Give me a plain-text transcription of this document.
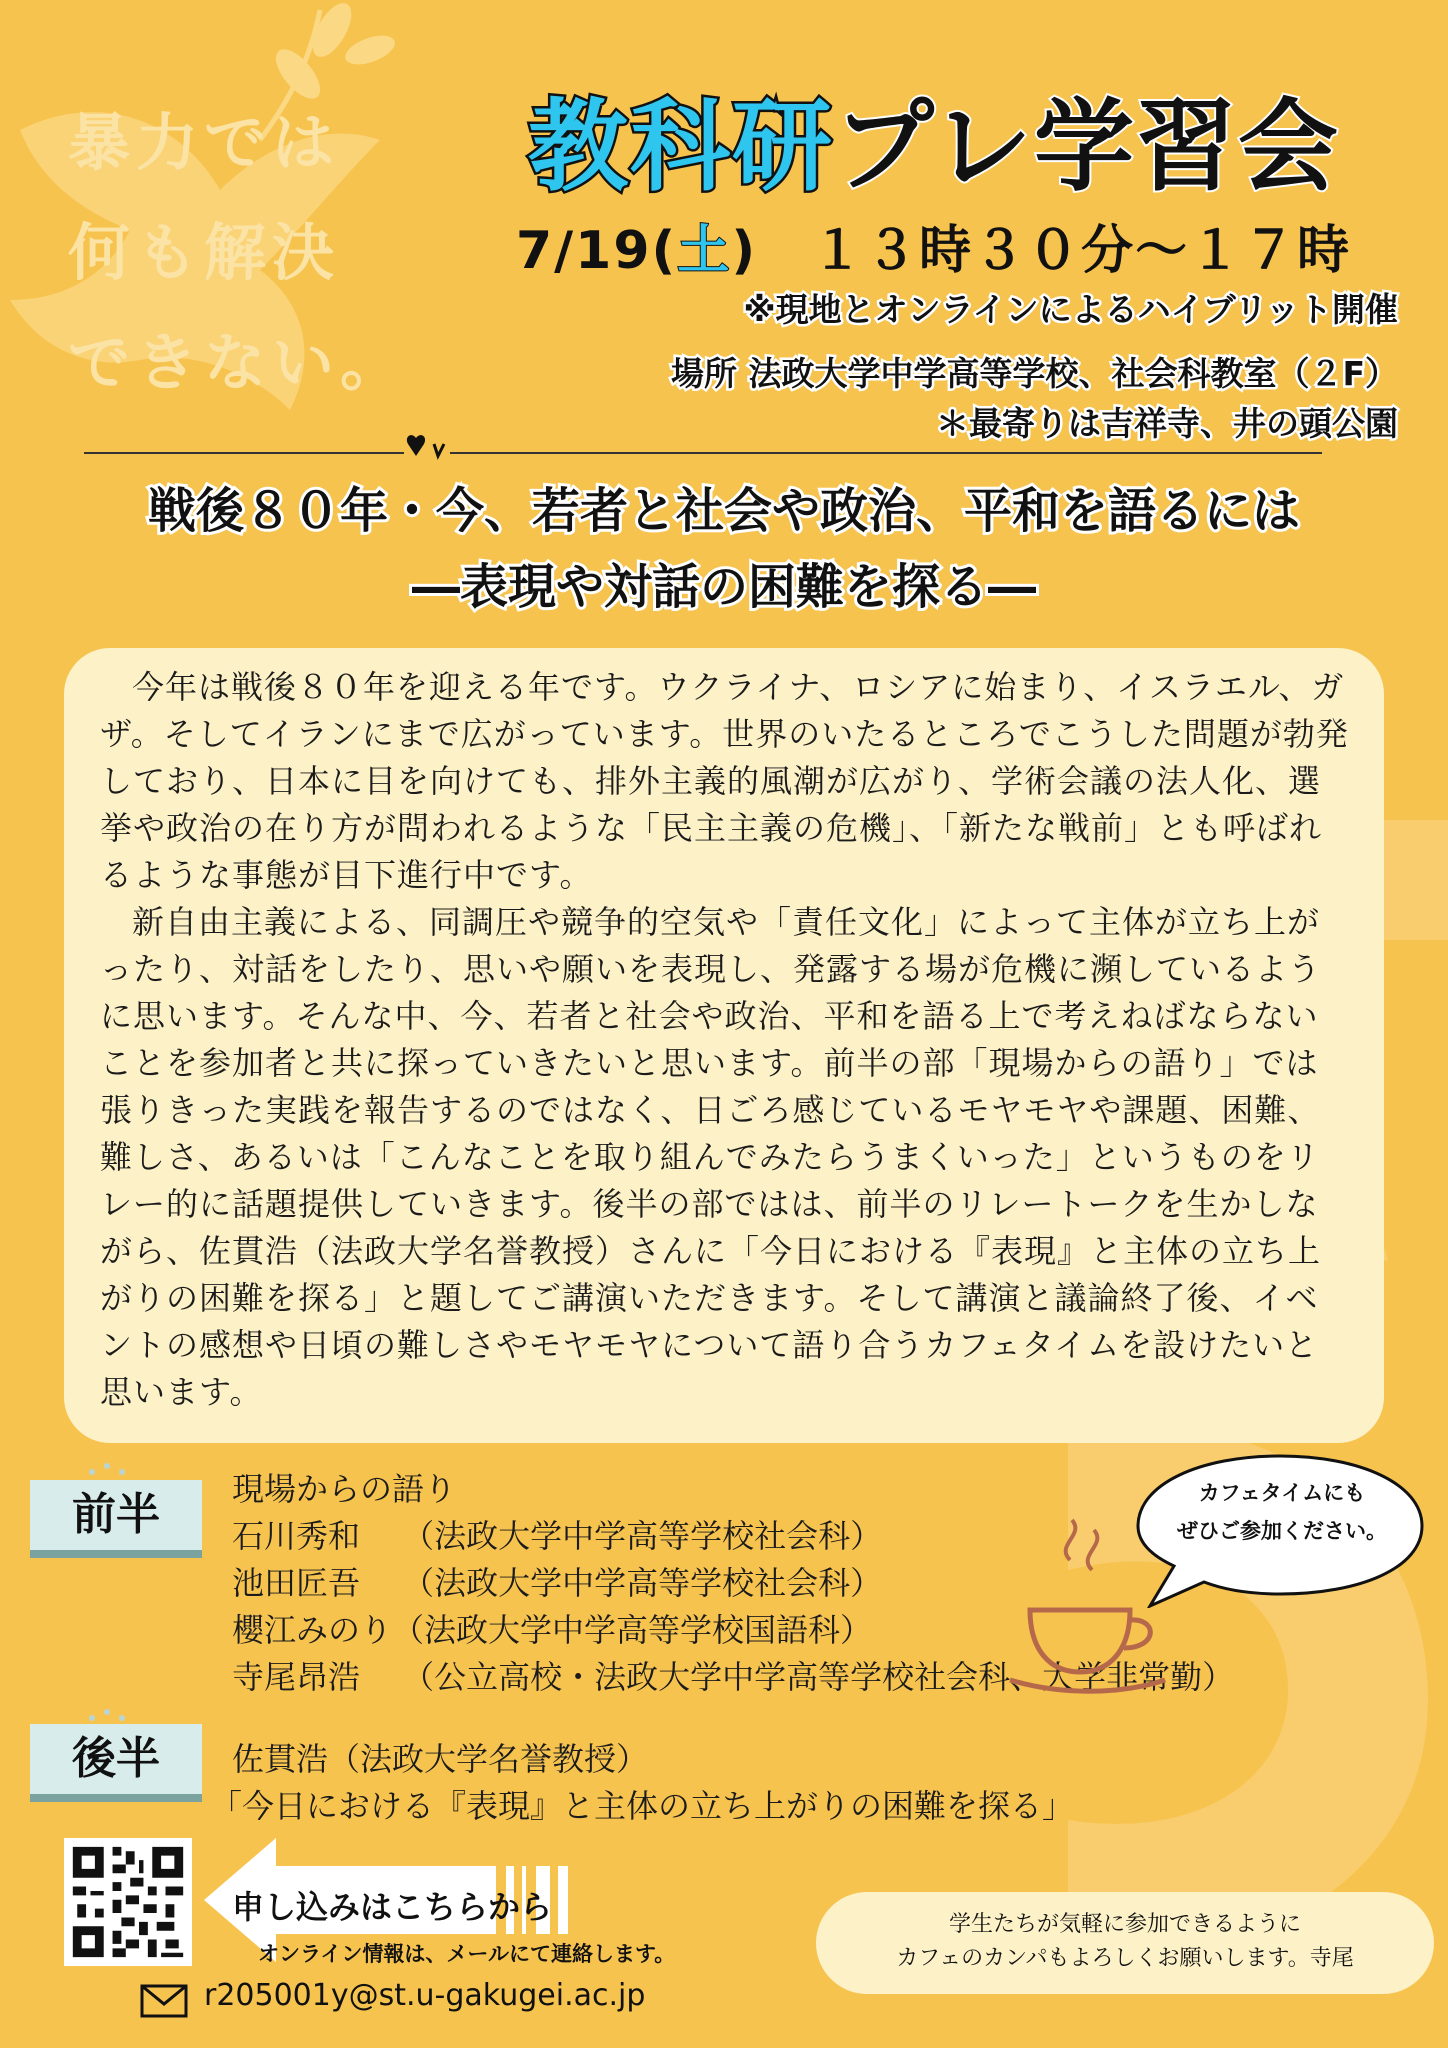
暴力では
何も解決
できない。
教科研プレ学習会
7/19(土)　１３時３０分～１７時
※現地とオンラインによるハイブリット開催
場所 法政大学中学高等学校、社会科教室（２F）
＊最寄りは吉祥寺、井の頭公園
戦後８０年・今、若者と社会や政治、平和を語るには
―表現や対話の困難を探る―

今年は戦後８０年を迎える年です。ウクライナ、ロシアに始まり、イスラエル、ガザ。そしてイランにまで広がっています。世界のいたるところでこうした問題が勃発しており、日本に目を向けても、排外主義的風潮が広がり、学術会議の法人化、選挙や政治の在り方が問われるような「民主主義の危機」、「新たな戦前」とも呼ばれるような事態が目下進行中です。

新自由主義による、同調圧や競争的空気や「責任文化」によって主体が立ち上がったり、対話をしたり、思いや願いを表現し、発露する場が危機に瀕しているように思います。そんな中、今、若者と社会や政治、平和を語る上で考えねばならないことを参加者と共に探っていきたいと思います。前半の部「現場からの語り」では張りきった実践を報告するのではなく、日ごろ感じているモヤモヤや課題、困難、難しさ、あるいは「こんなことを取り組んでみたらうまくいった」というものをリレー的に話題提供していきます。後半の部ではは、前半のリレートークを生かしながら、佐貫浩（法政大学名誉教授）さんに「今日における『表現』と主体の立ち上がりの困難を探る」と題してご講演いただきます。そして講演と議論終了後、イベントの感想や日頃の難しさやモヤモヤについて語り合うカフェタイムを設けたいと思います。

前半	現場からの語り
石川秀和　 （法政大学中学高等学校社会科）
池田匠吾　 （法政大学中学高等学校社会科）
櫻江みのり（法政大学中学高等学校国語科）
寺尾昂浩　 （公立高校・法政大学中学高等学校社会科、大学非常勤）
後半	佐貫浩（法政大学名誉教授）
「今日における『表現』と主体の立ち上がりの困難を探る」
カフェタイムにも
ぜひご参加ください。
申し込みはこちらから
オンライン情報は、メールにて連絡します。
r205001y@st.u-gakugei.ac.jp
学生たちが気軽に参加できるように
カフェのカンパもよろしくお願いします。寺尾
